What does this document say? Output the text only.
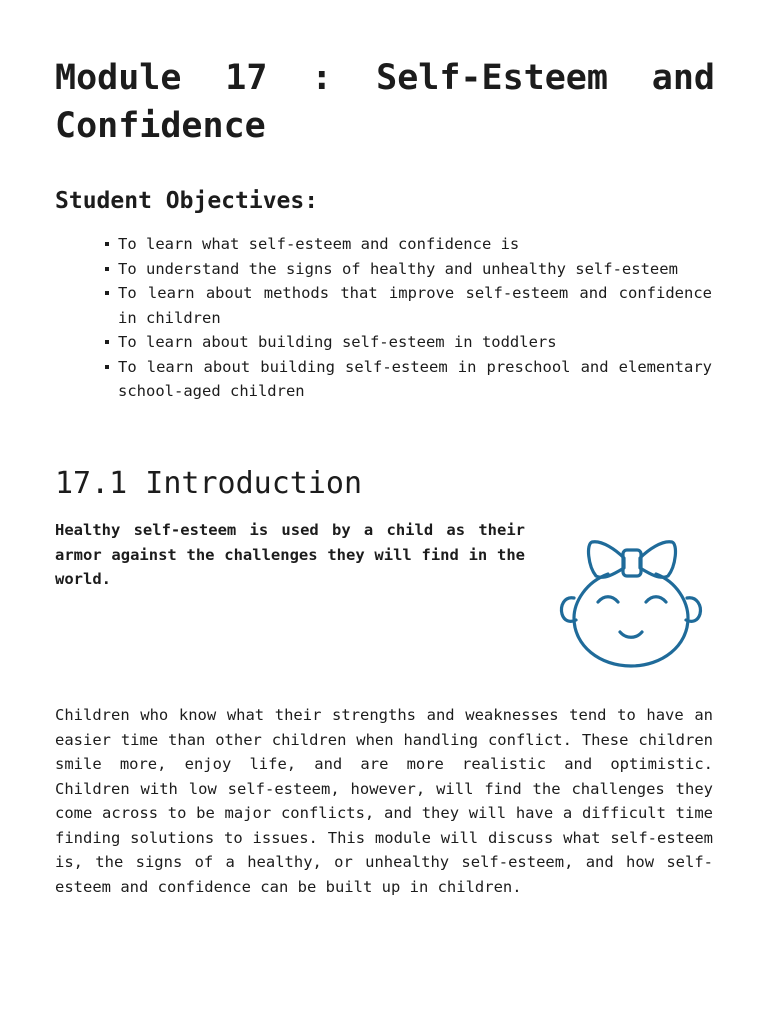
Module 17 : Self-Esteem and Confidence
Student Objectives:
To learn what self-esteem and confidence is
To understand the signs of healthy and unhealthy self-esteem
To learn about methods that improve self-esteem and confidence in children
To learn about building self-esteem in toddlers
To learn about building self-esteem in preschool and elementary school-aged children
17.1 Introduction

Healthy self-esteem is used by a child as their armor against the challenges they will find in the world.

Children who know what their strengths and weaknesses tend to have an easier time than other children when handling conflict. These children smile more, enjoy life, and are more realistic and optimistic. Children with low self-esteem, however, will find the challenges they come across to be major conflicts, and they will have a difficult time finding solutions to issues. This module will discuss what self-esteem is, the signs of a healthy, or unhealthy self-esteem, and how self-esteem and confidence can be built up in children.
